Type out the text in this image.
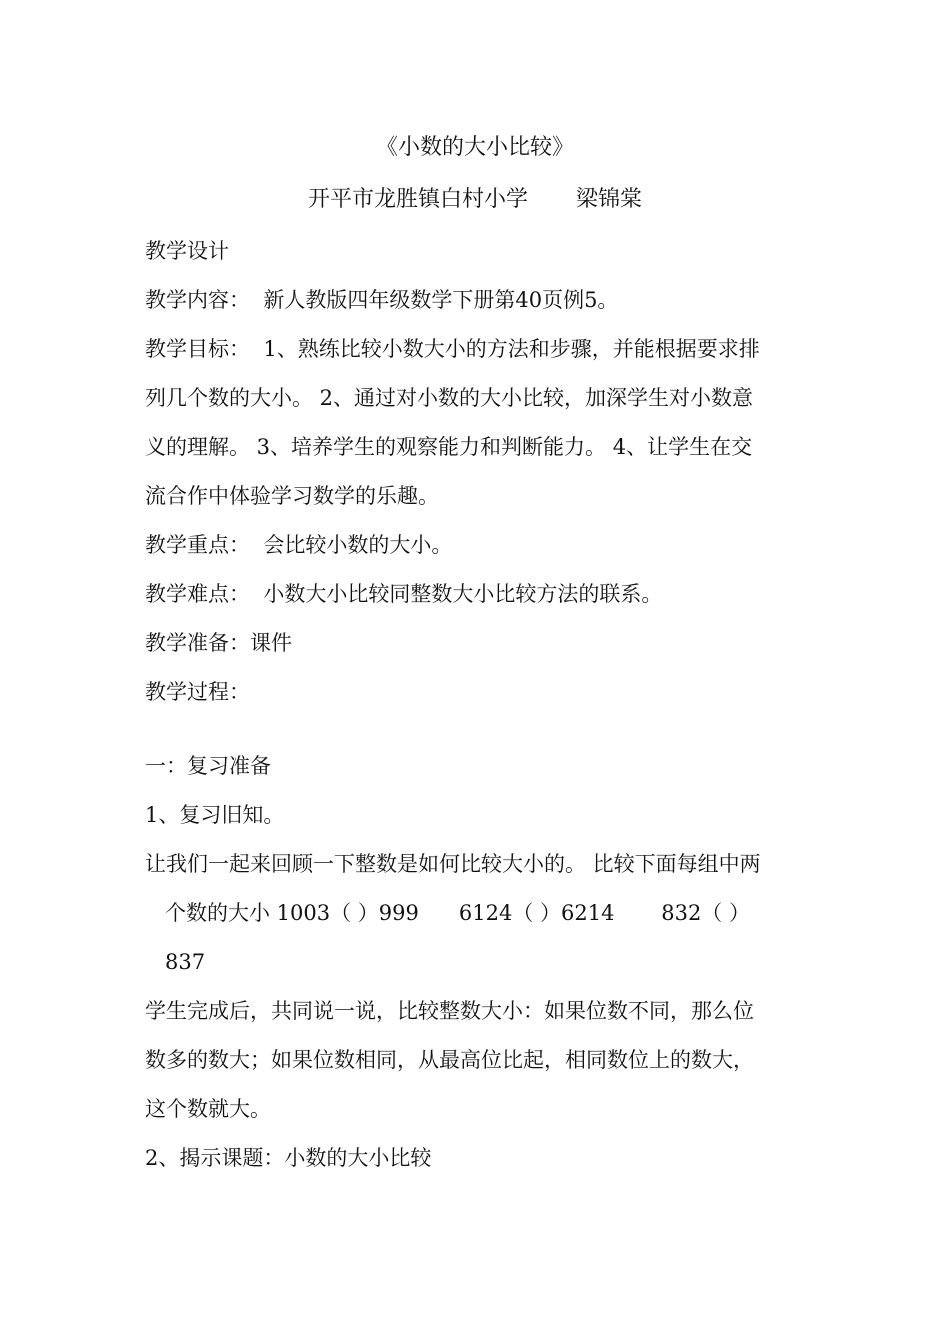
《小数的大小比较》
开平市龙胜镇白村小学 梁锦棠
教学设计
教学内容：  新人教版四年级数学下册第40页例5。
教学目标：  1、熟练比较小数大小的方法和步骤，并能根据要求排
列几个数的大小。 2、通过对小数的大小比较，加深学生对小数意
义的理解。 3、培养学生的观察能力和判断能力。 4、让学生在交
流合作中体验学习数学的乐趣。
教学重点：  会比较小数的大小。
教学难点：  小数大小比较同整数大小比较方法的联系。
教学准备：课件
教学过程：
一：复习准备
1、复习旧知。
让我们一起来回顾一下整数是如何比较大小的。 比较下面每组中两
个数的大小 1003（ ）999      6124（ ）6214       832（ ）
837
学生完成后，共同说一说，比较整数大小：如果位数不同，那么位
数多的数大；如果位数相同，从最高位比起，相同数位上的数大，
这个数就大。
2、揭示课题：小数的大小比较
